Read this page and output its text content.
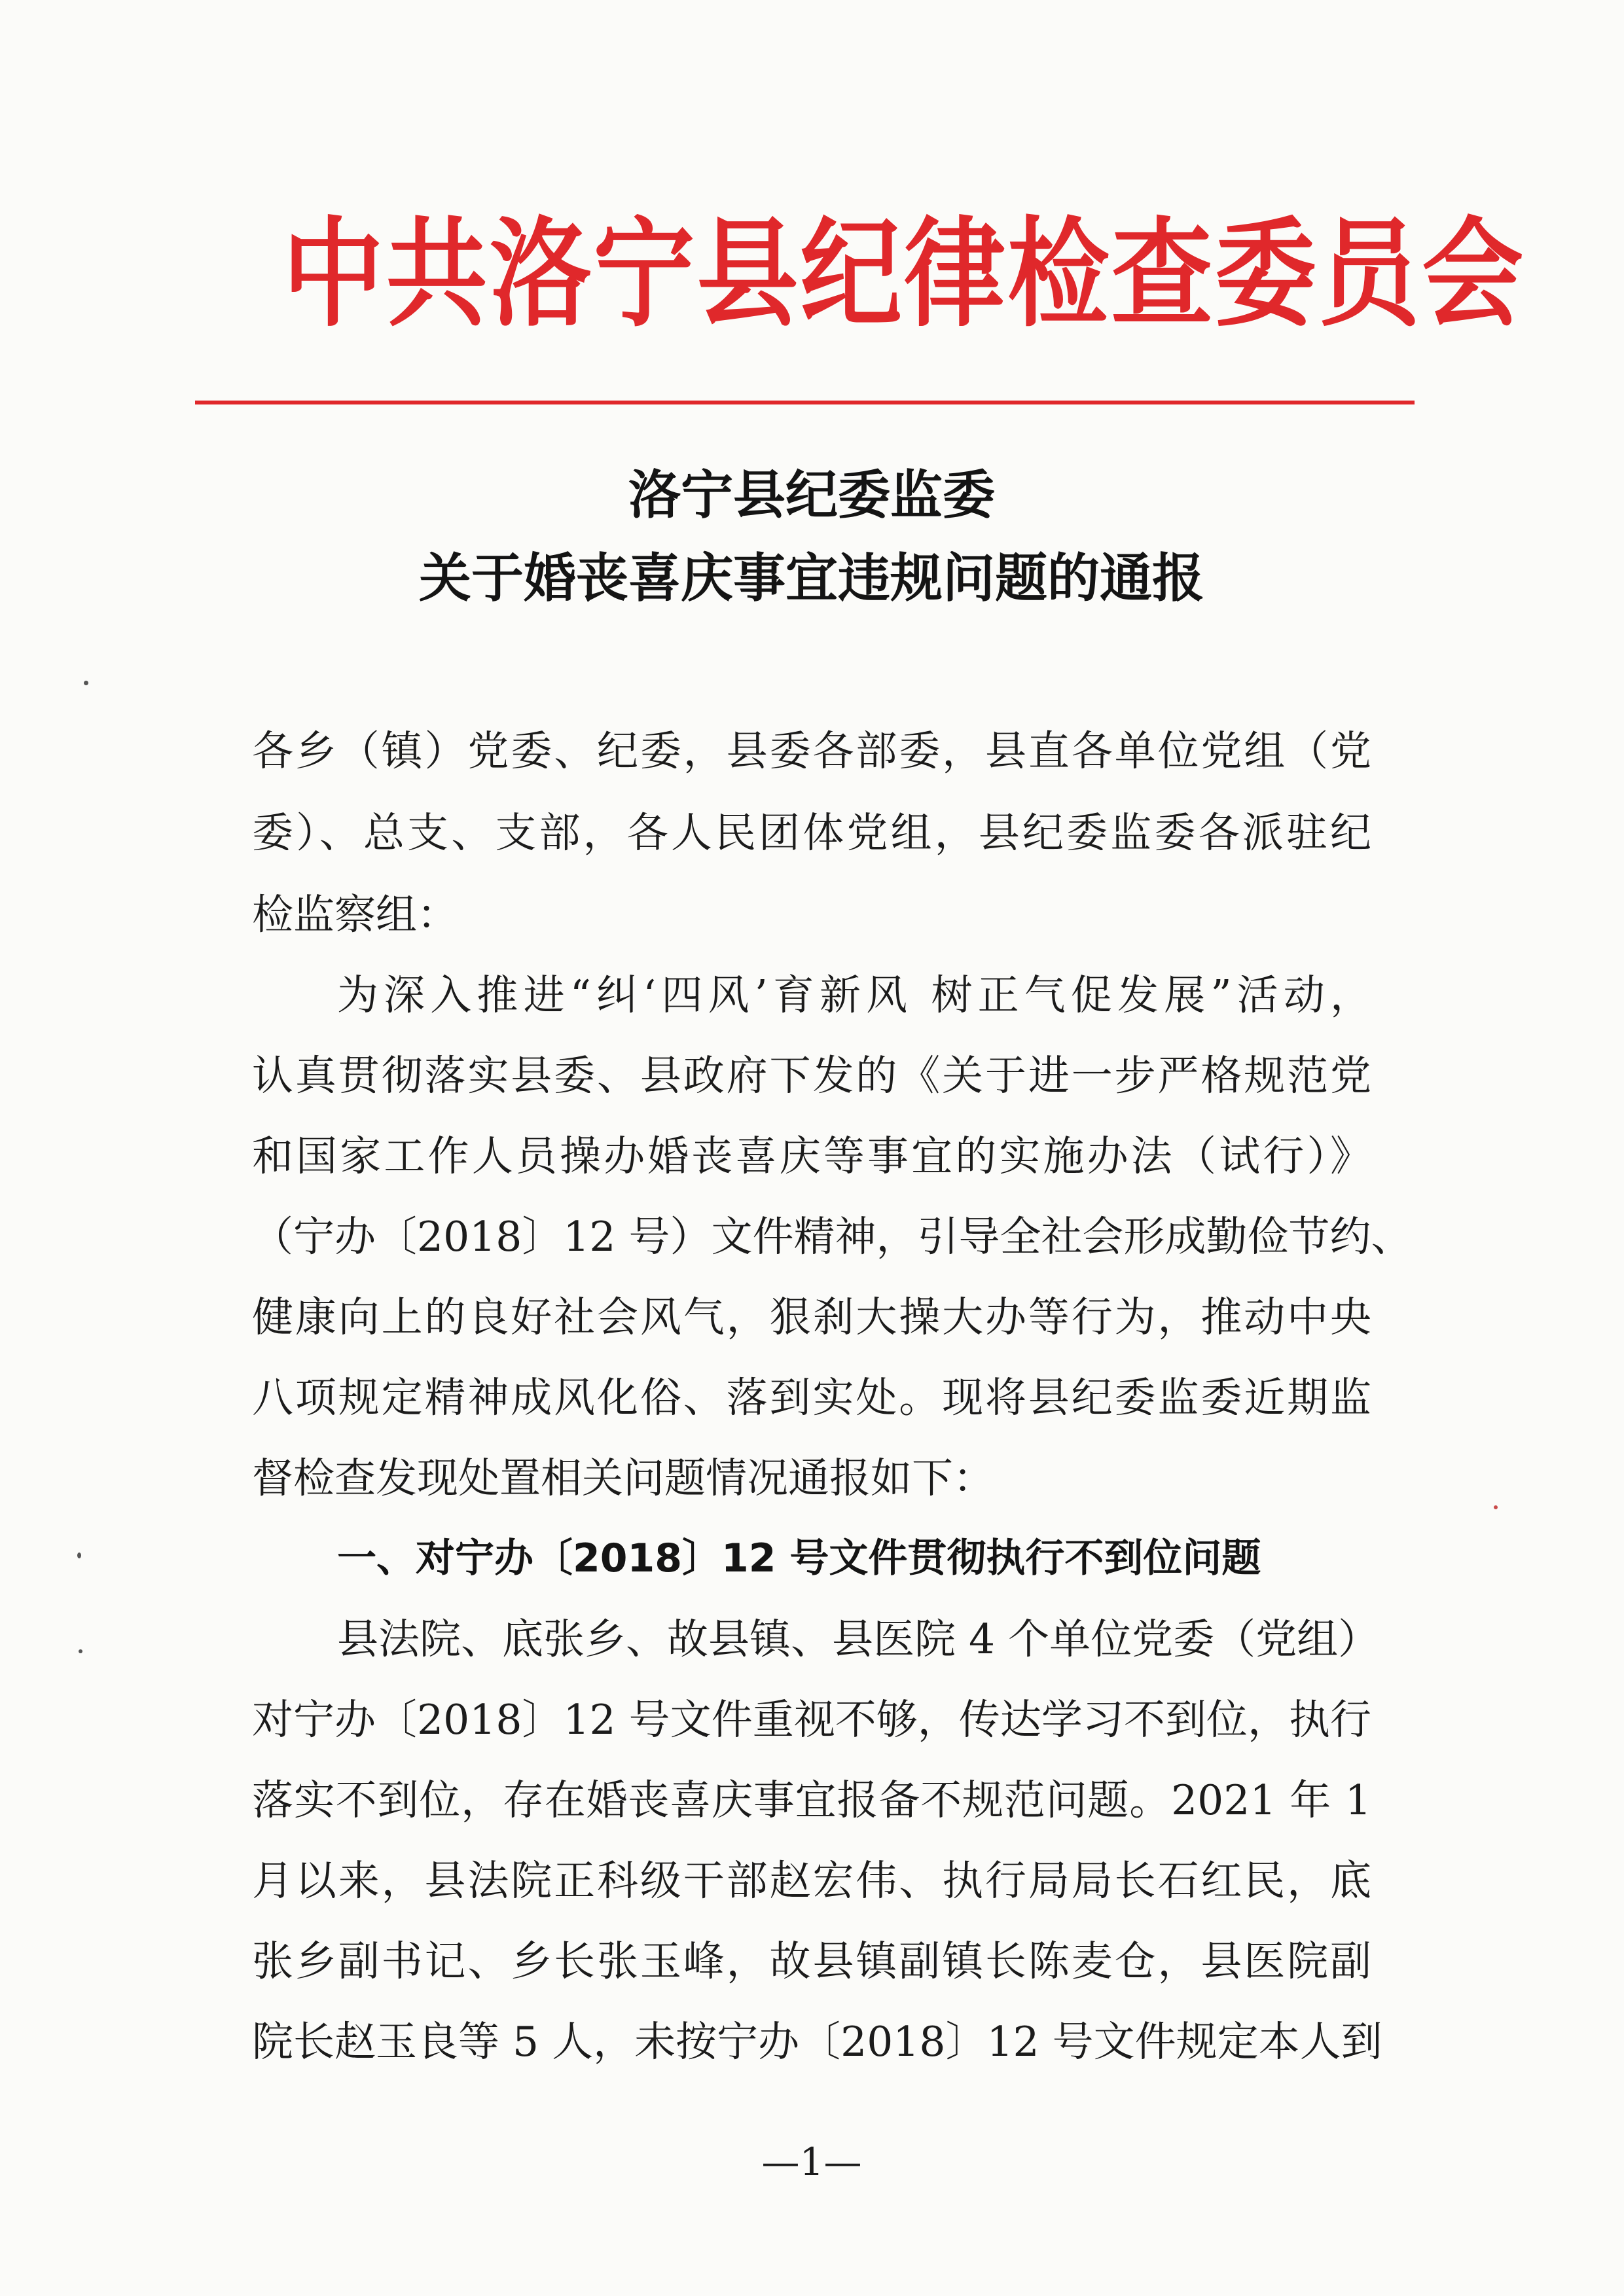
中共洛宁县纪律检查委员会
洛宁县纪委监委
关于婚丧喜庆事宜违规问题的通报

各乡（镇）党委、纪委，县委各部委，县直各单位党组（党

委）、总支、支部，各人民团体党组，县纪委监委各派驻纪

检监察组：

为深入推进“纠‘四风’育新风 树正气促发展”活动，

认真贯彻落实县委、县政府下发的《关于进一步严格规范党

和国家工作人员操办婚丧喜庆等事宜的实施办法（试行）》

（宁办〔2018〕12 号）文件精神，引导全社会形成勤俭节约、

健康向上的良好社会风气，狠刹大操大办等行为，推动中央

八项规定精神成风化俗、落到实处。现将县纪委监委近期监

督检查发现处置相关问题情况通报如下：

一、对宁办〔2018〕12 号文件贯彻执行不到位问题

县法院、底张乡、故县镇、县医院 4 个单位党委（党组）

对宁办〔2018〕12 号文件重视不够，传达学习不到位，执行

落实不到位，存在婚丧喜庆事宜报备不规范问题。2021 年 1

月以来，县法院正科级干部赵宏伟、执行局局长石红民，底

张乡副书记、乡长张玉峰，故县镇副镇长陈麦仓，县医院副

院长赵玉良等 5 人，未按宁办〔2018〕12 号文件规定本人到

—1—
